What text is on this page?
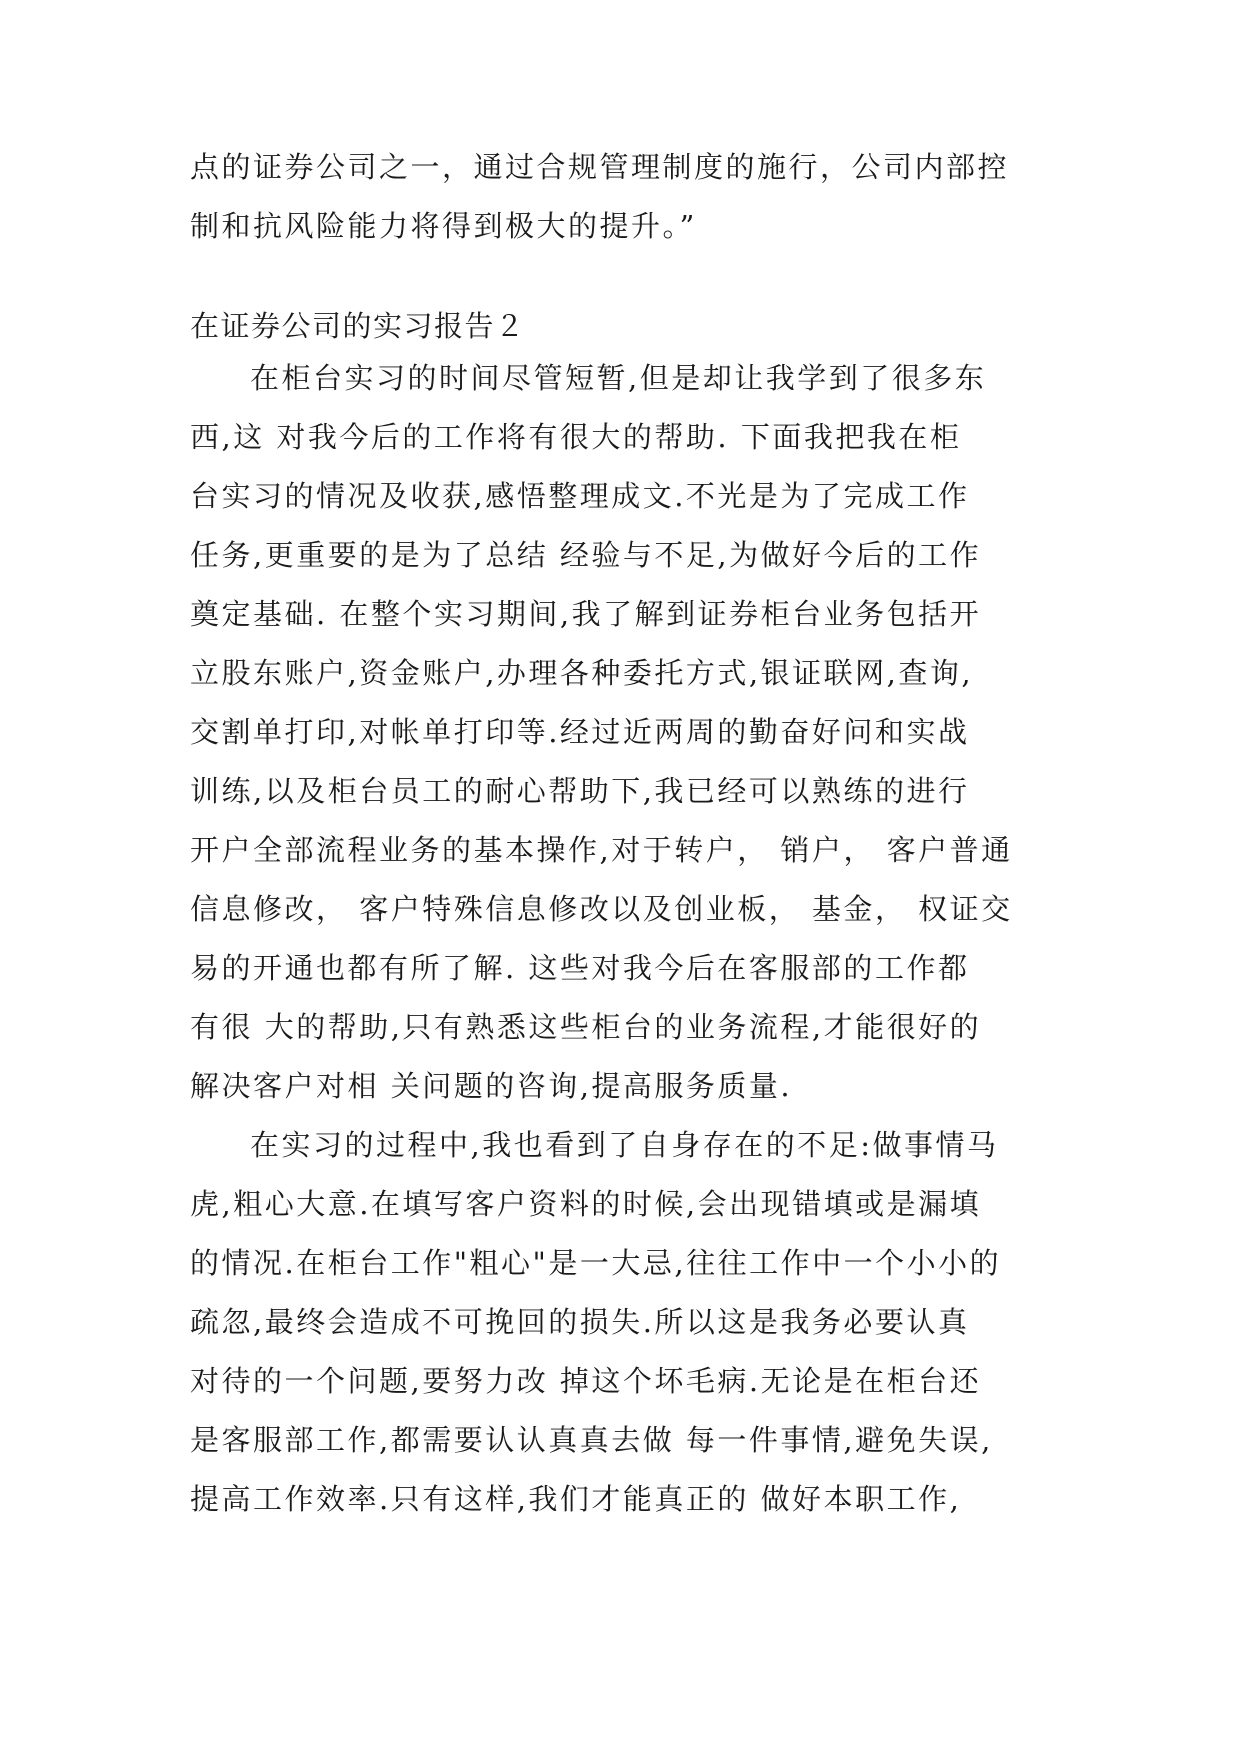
点的证券公司之一，通过合规管理制度的施行，公司内部控
制和抗风险能力将得到极大的提升。”
在证券公司的实习报告２
在柜台实习的时间尽管短暂,但是却让我学到了很多东
西,这 对我今后的工作将有很大的帮助. 下面我把我在柜
台实习的情况及收获,感悟整理成文.不光是为了完成工作
任务,更重要的是为了总结 经验与不足,为做好今后的工作
奠定基础. 在整个实习期间,我了解到证券柜台业务包括开
立股东账户,资金账户,办理各种委托方式,银证联网,查询,
交割单打印,对帐单打印等.经过近两周的勤奋好问和实战
训练,以及柜台员工的耐心帮助下,我已经可以熟练的进行
开户全部流程业务的基本操作,对于转户， 销户， 客户普通
信息修改， 客户特殊信息修改以及创业板， 基金， 权证交
易的开通也都有所了解. 这些对我今后在客服部的工作都
有很 大的帮助,只有熟悉这些柜台的业务流程,才能很好的
解决客户对相 关问题的咨询,提高服务质量.
在实习的过程中,我也看到了自身存在的不足:做事情马
虎,粗心大意.在填写客户资料的时候,会出现错填或是漏填
的情况.在柜台工作"粗心"是一大忌,往往工作中一个小小的
疏忽,最终会造成不可挽回的损失.所以这是我务必要认真
对待的一个问题,要努力改 掉这个坏毛病.无论是在柜台还
是客服部工作,都需要认认真真去做 每一件事情,避免失误,
提高工作效率.只有这样,我们才能真正的 做好本职工作,
